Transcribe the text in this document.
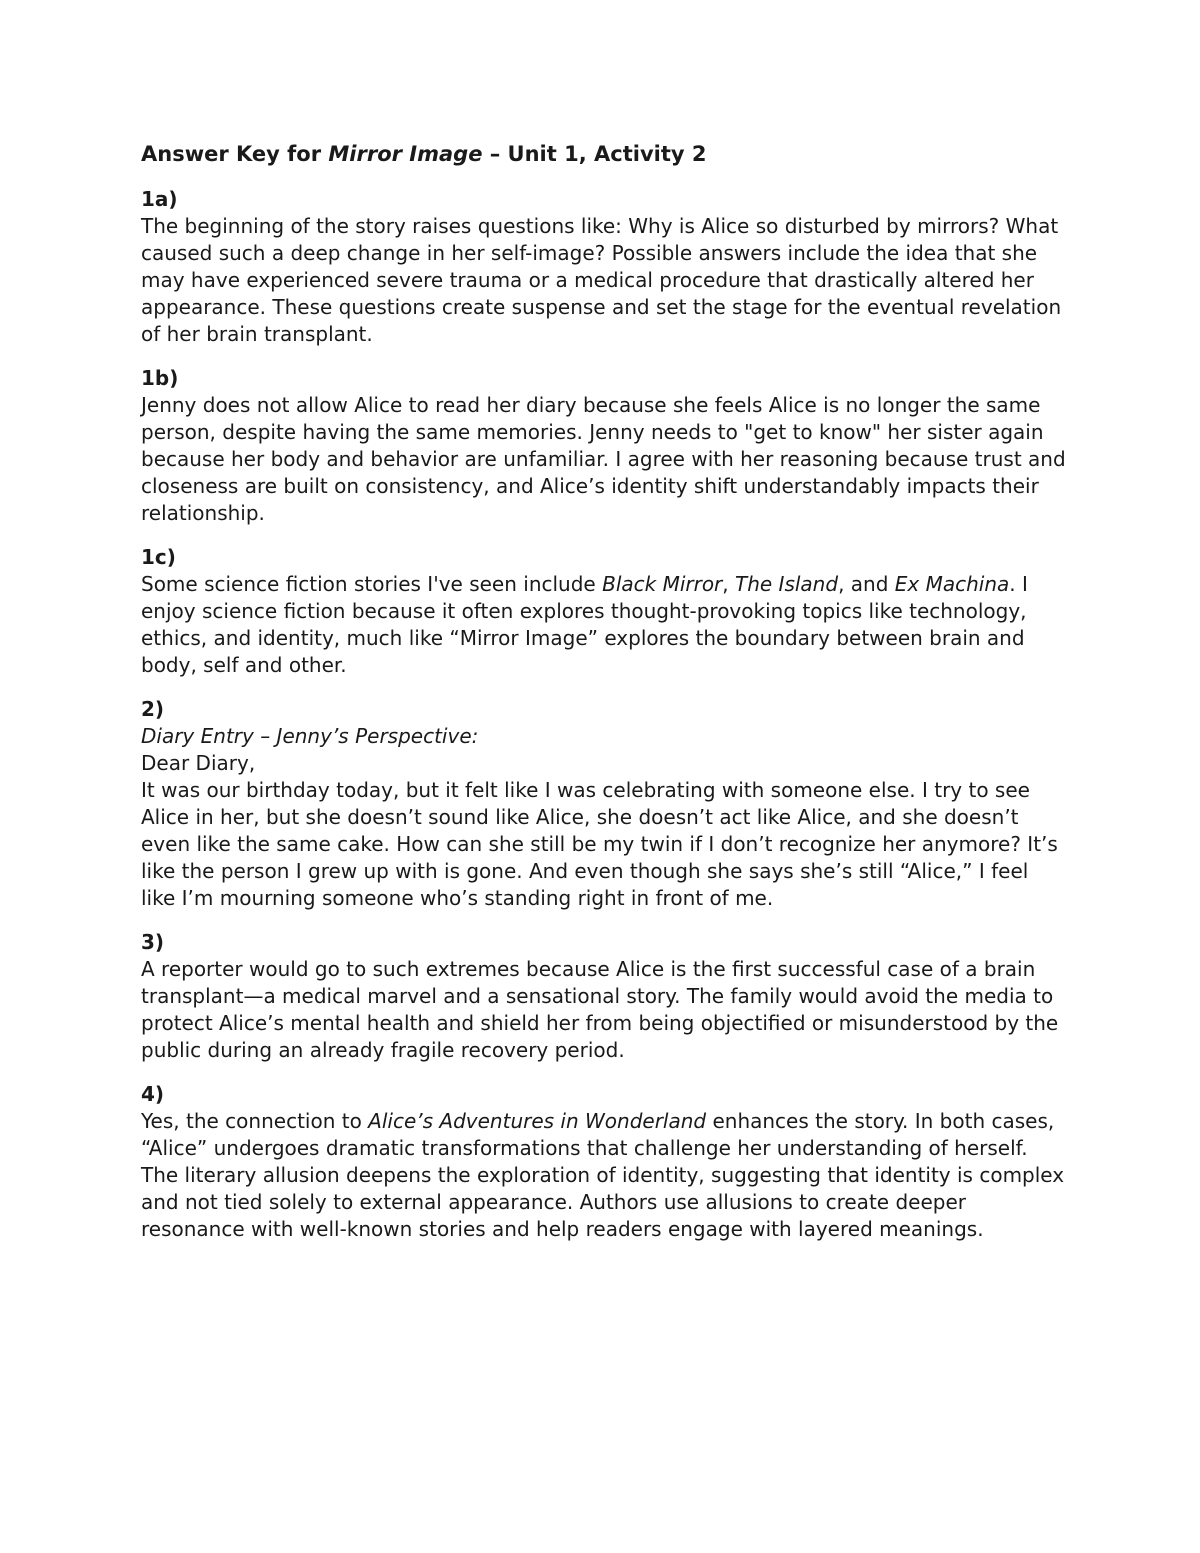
Answer Key for Mirror Image – Unit 1, Activity 2

1a)

The beginning of the story raises questions like: Why is Alice so disturbed by mirrors? What caused such a deep change in her self-image? Possible answers include the idea that she may have experienced severe trauma or a medical procedure that drastically altered her appearance. These questions create suspense and set the stage for the eventual revelation of her brain transplant.

1b)

Jenny does not allow Alice to read her diary because she feels Alice is no longer the same person, despite having the same memories. Jenny needs to "get to know" her sister again because her body and behavior are unfamiliar. I agree with her reasoning because trust and closeness are built on consistency, and Alice’s identity shift understandably impacts their relationship.

1c)

Some science fiction stories I've seen include Black Mirror, The Island, and Ex Machina. I enjoy science fiction because it often explores thought-provoking topics like technology, ethics, and identity, much like “Mirror Image” explores the boundary between brain and body, self and other.

2)

Diary Entry – Jenny’s Perspective:

Dear Diary,

It was our birthday today, but it felt like I was celebrating with someone else. I try to see Alice in her, but she doesn’t sound like Alice, she doesn’t act like Alice, and she doesn’t even like the same cake. How can she still be my twin if I don’t recognize her anymore? It’s like the person I grew up with is gone. And even though she says she’s still “Alice,” I feel like I’m mourning someone who’s standing right in front of me.

3)

A reporter would go to such extremes because Alice is the first successful case of a brain transplant—a medical marvel and a sensational story. The family would avoid the media to protect Alice’s mental health and shield her from being objectified or misunderstood by the public during an already fragile recovery period.

4)

Yes, the connection to Alice’s Adventures in Wonderland enhances the story. In both cases, “Alice” undergoes dramatic transformations that challenge her understanding of herself. The literary allusion deepens the exploration of identity, suggesting that identity is complex and not tied solely to external appearance. Authors use allusions to create deeper resonance with well-known stories and help readers engage with layered meanings.
